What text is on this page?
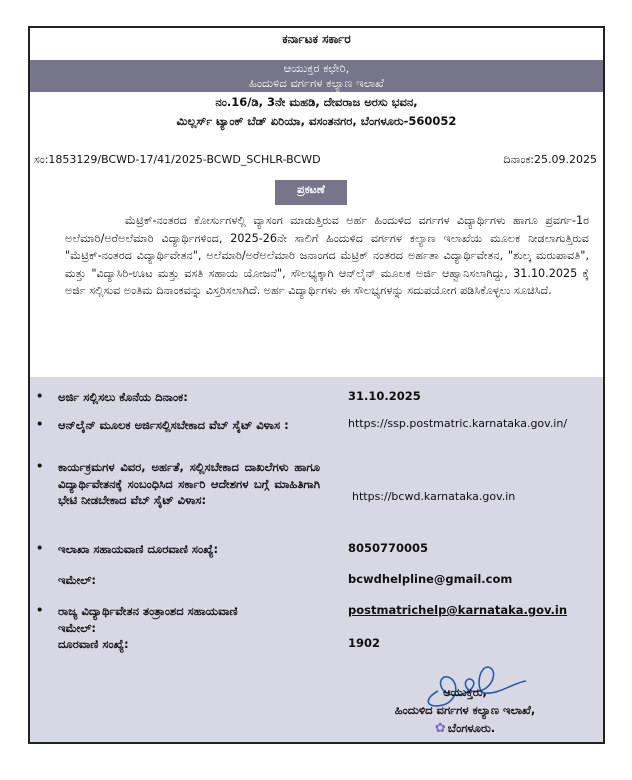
ಕರ್ನಾಟಕ ಸರ್ಕಾರ
ಆಯುಕ್ತರ ಕಛೇರಿ,
ಹಿಂದುಳಿದ ವರ್ಗಗಳ ಕಲ್ಯಾಣ ಇಲಾಖೆ
ನಂ.16/ಡಿ, 3ನೇ ಮಹಡಿ, ದೇವರಾಜ ಅರಸು ಭವನ,
ಮಿಲ್ಲರ್ಸ್ ಟ್ಯಾಂಕ್ ಬೆಡ್ ಏರಿಯಾ, ವಸಂತನಗರ, ಬೆಂಗಳೂರು-560052
ಸಂ:1853129/BCWD-17/41/2025-BCWD_SCHLR-BCWD	ದಿನಾಂಕ:25.09.2025
ಪ್ರಕಟಣೆ
ಮೆಟ್ರಿಕ್-ನಂತರದ ಕೋರ್ಸುಗಳಲ್ಲಿ ವ್ಯಾಸಂಗ ಮಾಡುತ್ತಿರುವ ಅರ್ಹ ಹಿಂದುಳಿದ ವರ್ಗಗಳ ವಿದ್ಯಾರ್ಥಿಗಳು ಹಾಗೂ ಪ್ರವರ್ಗ-1ರ ಅಲೆಮಾರಿ/ಅರೆಅಲೆಮಾರಿ ವಿದ್ಯಾರ್ಥಿಗಳಿಂದ, 2025-26ನೇ ಸಾಲಿಗೆ ಹಿಂದುಳಿದ ವರ್ಗಗಳ ಕಲ್ಯಾಣ ಇಲಾಖೆಯ ಮೂಲಕ ನೀಡಲಾಗುತ್ತಿರುವ "ಮೆಟ್ರಿಕ್-ನಂತರದ ವಿದ್ಯಾರ್ಥಿವೇತನ", ಅಲೆಮಾರಿ/ಅರೆಅಲೆಮಾರಿ ಜನಾಂಗದ ಮೆಟ್ರಿಕ್ ನಂತರದ ಅರ್ಹತಾ ವಿದ್ಯಾರ್ಥಿವೇತನ, "ಶುಲ್ಕ ಮರುಪಾವತಿ", ಮತ್ತು "ವಿದ್ಯಾಸಿರಿ-ಊಟ ಮತ್ತು ವಸತಿ ಸಹಾಯ ಯೋಜನೆ", ಸೌಲಭ್ಯಕ್ಕಾಗಿ ಆನ್‌ಲೈನ್ ಮೂಲಕ ಅರ್ಜಿ ಆಹ್ವಾನಿಸಲಾಗಿದ್ದು, 31.10.2025 ಕ್ಕೆ ಅರ್ಜಿ ಸಲ್ಲಿಸುವ ಅಂತಿಮ ದಿನಾಂಕವನ್ನು ವಿಸ್ತರಿಸಲಾಗಿದೆ. ಅರ್ಹ ವಿದ್ಯಾರ್ಥಿಗಳು ಈ ಸೌಲಭ್ಯಗಳನ್ನು ಸದುಪಯೋಗ ಪಡಿಸಿಕೊಳ್ಳಲು ಸೂಚಿಸಿದೆ.
• ಅರ್ಜಿ ಸಲ್ಲಿಸಲು ಕೊನೆಯ ದಿನಾಂಕ:	31.10.2025
• ಆನ್‌ಲೈನ್ ಮೂಲಕ ಅರ್ಜಿಸಲ್ಲಿಸಬೇಕಾದ ವೆಬ್ ಸೈಟ್ ವಿಳಾಸ :	https://ssp.postmatric.karnataka.gov.in/
• ಕಾರ್ಯಕ್ರಮಗಳ ವಿವರ, ಅರ್ಹತೆ, ಸಲ್ಲಿಸಬೇಕಾದ ದಾಖಲೆಗಳು ಹಾಗೂ ವಿದ್ಯಾರ್ಥಿವೇತನಕ್ಕೆ ಸಂಬಂಧಿಸಿದ ಸರ್ಕಾರಿ ಆದೇಶಗಳ ಬಗ್ಗೆ ಮಾಹಿತಿಗಾಗಿ ಭೇಟಿ ನೀಡಬೇಕಾದ ವೆಬ್ ಸೈಟ್ ವಿಳಾಸ:	https://bcwd.karnataka.gov.in
• ಇಲಾಖಾ ಸಹಾಯವಾಣಿ ದೂರವಾಣಿ ಸಂಖ್ಯೆ:	8050770005
ಇಮೇಲ್:	bcwdhelpline@gmail.com
• ರಾಜ್ಯ ವಿದ್ಯಾರ್ಥಿವೇತನ ತಂತ್ರಾಂಶದ ಸಹಾಯವಾಣಿ ಇಮೇಲ್:
postmatrichelp@karnataka.gov.in
ದೂರವಾಣಿ ಸಂಖ್ಯೆ:	1902
ಆಯುಕ್ತರು,
ಹಿಂದುಳಿದ ವರ್ಗಗಳ ಕಲ್ಯಾಣ ಇಲಾಖೆ,
✿ ಬೆಂಗಳೂರು.
